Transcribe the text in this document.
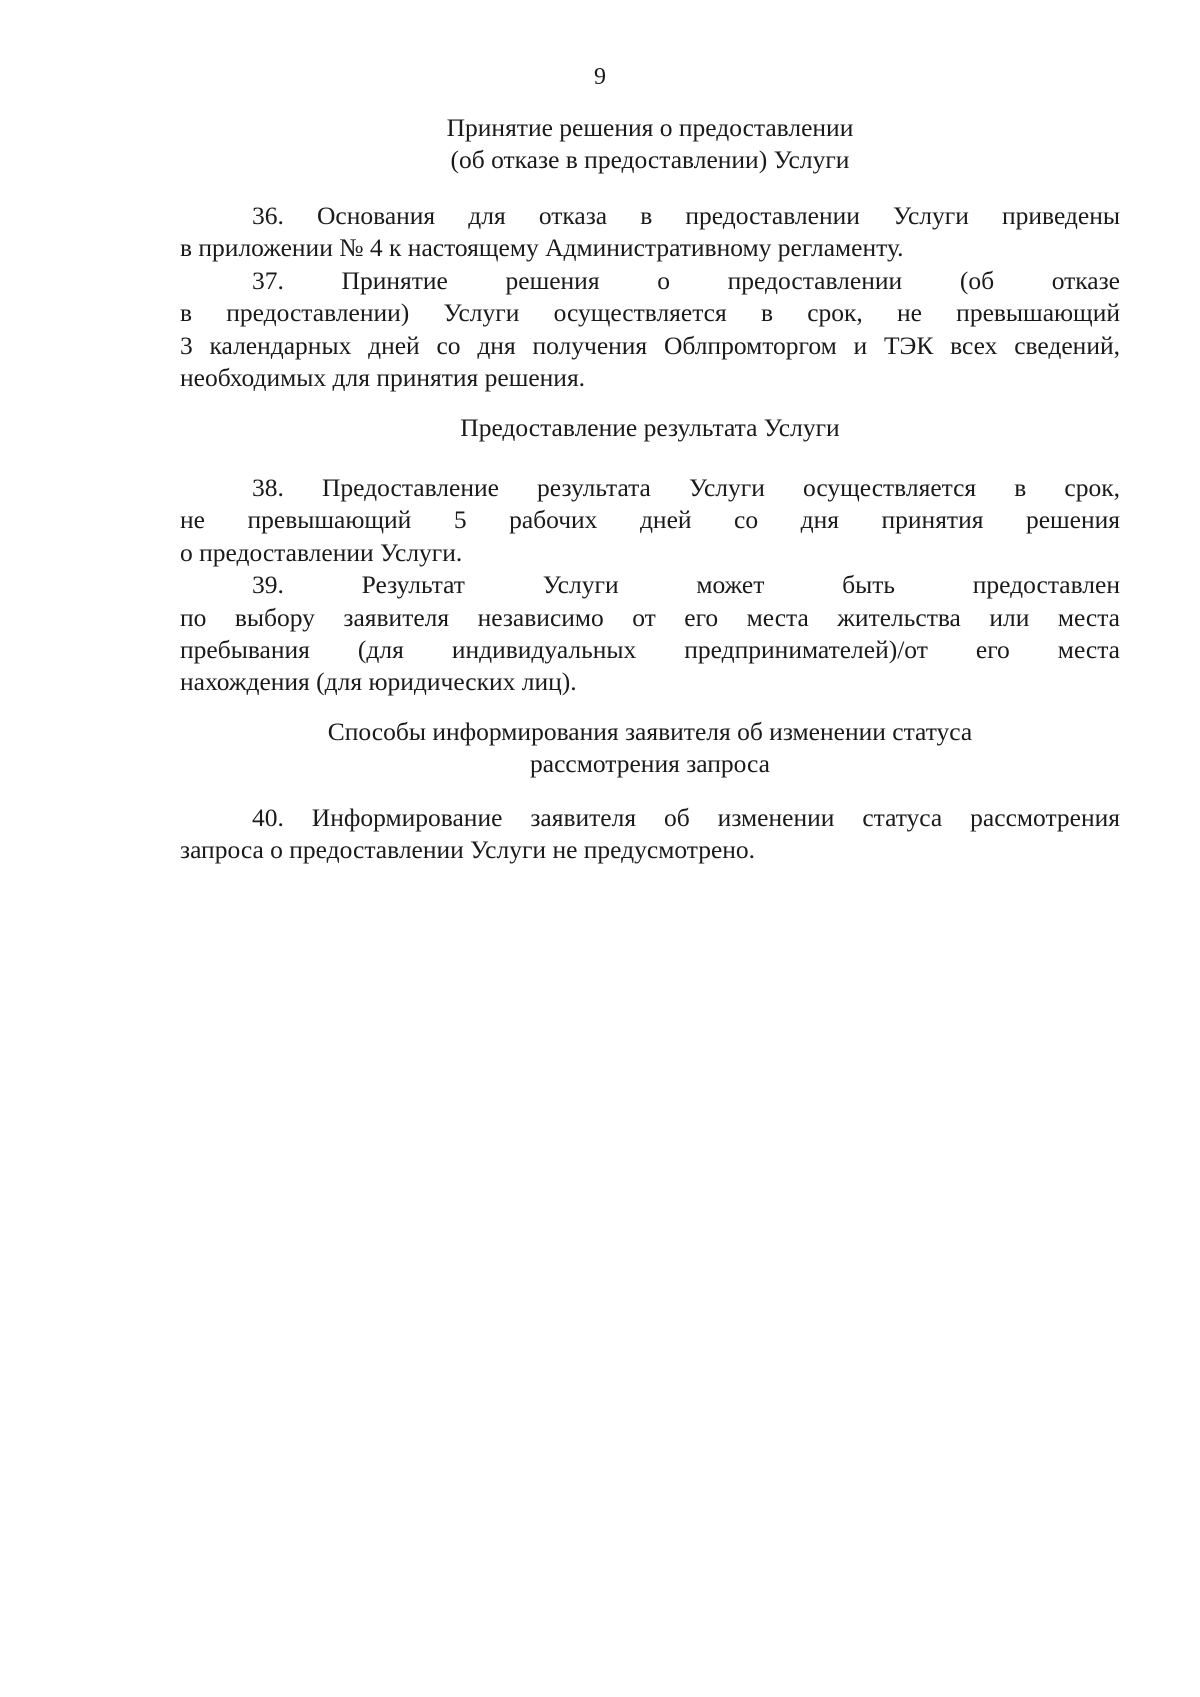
9
Принятие решения о предоставлении
(об отказе в предоставлении) Услуги
36. Основания для отказа в предоставлении Услуги приведены
в приложении № 4 к настоящему Административному регламенту.
37. Принятие решения о предоставлении (об отказе
в предоставлении) Услуги осуществляется в срок, не превышающий
3 календарных дней со дня получения Облпромторгом и ТЭК всех сведений,
необходимых для принятия решения.
Предоставление результата Услуги
38. Предоставление результата Услуги осуществляется в срок,
не превышающий 5 рабочих дней со дня принятия решения
о предоставлении Услуги.
39. Результат Услуги может быть предоставлен
по выбору заявителя независимо от его места жительства или места
пребывания (для индивидуальных предпринимателей)/от его места
нахождения (для юридических лиц).
Способы информирования заявителя об изменении статуса
рассмотрения запроса
40. Информирование заявителя об изменении статуса рассмотрения
запроса о предоставлении Услуги не предусмотрено.
